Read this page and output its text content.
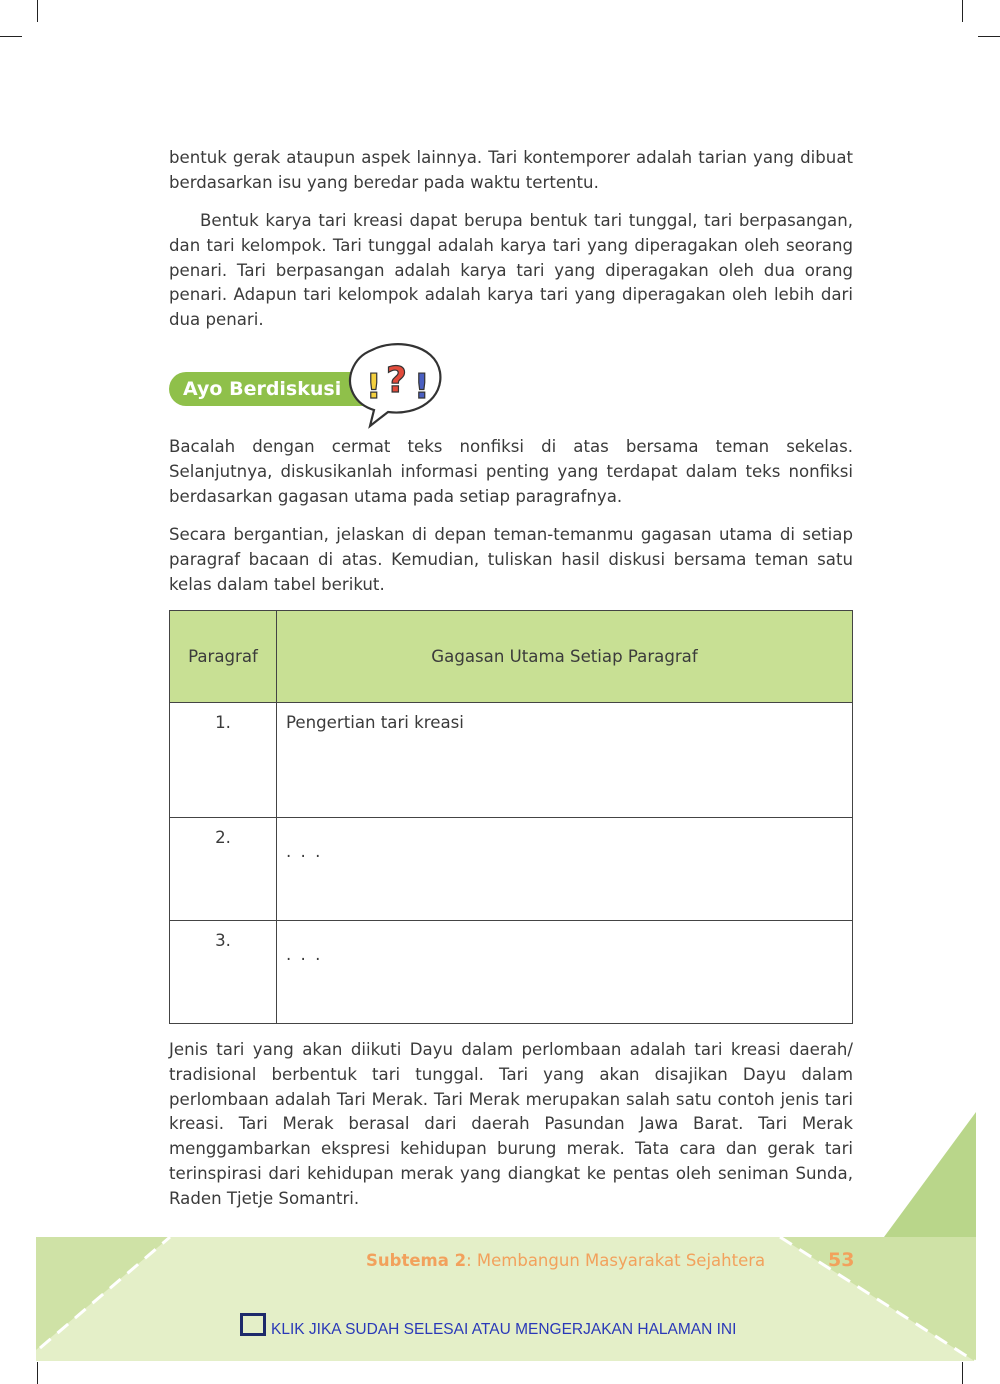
bentuk gerak ataupun aspek lainnya. Tari kontemporer adalah tarian yang dibuat berdasarkan isu yang beredar pada waktu tertentu.

Bentuk karya tari kreasi dapat berupa bentuk tari tunggal, tari berpasangan, dan tari kelompok. Tari tunggal adalah karya tari yang diperagakan oleh seorang penari. Tari berpasangan adalah karya tari yang diperagakan oleh dua orang penari. Adapun tari kelompok adalah karya tari yang diperagakan oleh lebih dari dua penari.

Ayo Berdiskusi ! ? !

Bacalah dengan cermat teks nonfiksi di atas bersama teman sekelas. Selanjutnya, diskusikanlah informasi penting yang terdapat dalam teks nonfiksi berdasarkan gagasan utama pada setiap paragrafnya.

Secara bergantian, jelaskan di depan teman-temanmu gagasan utama di setiap paragraf bacaan di atas. Kemudian, tuliskan hasil diskusi bersama teman satu kelas dalam tabel berikut.

Paragraf	Gagasan Utama Setiap Paragraf
1.	Pengertian tari kreasi
2.	. . .

3.	. . .

Jenis tari yang akan diikuti Dayu dalam perlombaan adalah tari kreasi daerah/ tradisional berbentuk tari tunggal. Tari yang akan disajikan Dayu dalam perlombaan adalah Tari Merak. Tari Merak merupakan salah satu contoh jenis tari kreasi. Tari Merak berasal dari daerah Pasundan Jawa Barat. Tari Merak menggambarkan ekspresi kehidupan burung merak. Tata cara dan gerak tari terinspirasi dari kehidupan merak yang diangkat ke pentas oleh seniman Sunda, Raden Tjetje Somantri.

Subtema 2: Membangun Masyarakat Sejahtera	53
KLIK JIKA SUDAH SELESAI ATAU MENGERJAKAN HALAMAN INI
